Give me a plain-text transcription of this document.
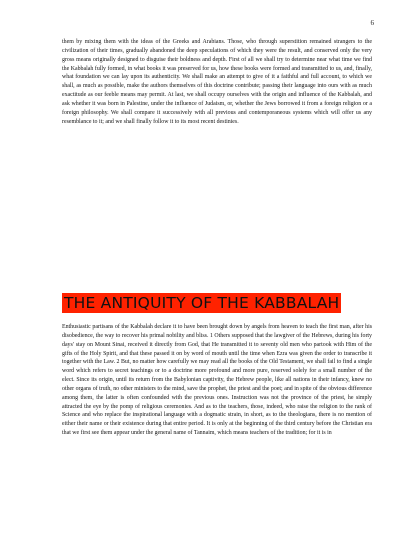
6

them by mixing them with the ideas of the Greeks and Arabians. Those, who through superstition remained strangers to the civilization of their times, gradually abandoned the deep speculations of which they were the result, and conserved only the very gross means originally designed to disguise their boldness and depth. First of all we shall try to determine near what time we find the Kabbalah fully formed, in what books it was preserved for us, how these books were formed and transmitted to us, and, finally, what foundation we can lay upon its authenticity. We shall make an attempt to give of it a faithful and full account, to which we shall, as much as possible, make the authors themselves of this doctrine contribute; passing their language into ours with as much exactitude as our feeble means may permit. At last, we shall occupy ourselves with the origin and influence of the Kabbalah, and ask whether it was born in Palestine, under the influence of Judaism, or, whether the Jews borrowed it from a foreign religion or a foreign philosophy. We shall compare it successively with all previous and contemporaneous systems which will offer us any resemblance to it; and we shall finally follow it to its most recent destinies.

THE ANTIQUITY OF THE KABBALAH

Enthusiastic partisans of the Kabbalah declare it to have been brought down by angels from heaven to teach the first man, after his disobedience, the way to recover his primal nobility and bliss. 1 Others supposed that the lawgiver of the Hebrews, during his forty days' stay on Mount Sinai, received it directly from God, that He transmitted it to seventy old men who partook with Him of the gifts of the Holy Spirit, and that these passed it on by word of mouth until the time when Ezra was given the order to transcribe it together with the Law. 2 But, no matter how carefully we may read all the books of the Old Testament, we shall fail to find a single word which refers to secret teachings or to a doctrine more profound and more pure, reserved solely for a small number of the elect. Since its origin, until its return from the Babylonian captivity, the Hebrew people, like all nations in their infancy, knew no other organs of truth, no other ministers to the mind, save the prophet, the priest and the poet; and in spite of the obvious difference among them, the latter is often confounded with the previous ones. Instruction was not the province of the priest, he simply attracted the eye by the pomp of religious ceremonies. And as to the teachers, those, indeed, who raise the religion to the rank of Science and who replace the inspirational language with a dogmatic strain, in short, as to the theologians, there is no mention of either their name or their existence during that entire period. It is only at the beginning of the third century before the Christian era that we first see them appear under the general name of Tannaim, which means teachers of the tradition; for it is in
